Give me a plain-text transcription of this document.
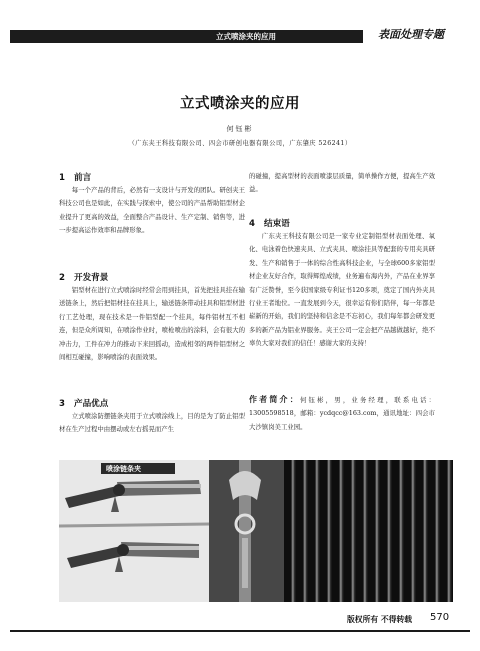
立式喷涂夹的应用	表面处理专题
立式喷涂夹的应用
何钰彬
（广东夹王科技有限公司、四会市研创电器有限公司，广东肇庆 526241）
1 前言
每一个产品的背后，必然有一支设计与开发的团队。研创夹王科技公司也是如此，在实践与探索中，使公司的产品帮助铝型材企业提升了更高的效益，全面整合产品设计、生产定制、销售等，进一步提高运作效率和品牌形象。
2 开发背景
铝型材在进行立式喷涂时经常会用到挂具，首先把挂具挂在输送链条上，然后把铝材挂在挂具上，输送链条带动挂具和铝型材进行工艺处理，现在技术是一件铝型配一个挂具，每件铝材互不相连，但是众所周知，在喷涂作业时，喷枪喷出的涂料，会有很大的冲击力，工件在冲力的推动下来回摇动，造成相邻的两件铝型材之间相互碰撞，影响喷涂的表面效果。
3 产品优点
立式喷涂防摆链条夹用于立式喷涂线上，目的是为了防止铝型材在生产过程中由摆动或左右摇晃而产生
的碰撞，提高型材的表面喷漆层质量，简单操作方便，提高生产效益。
4 结束语
广东夹王科技有限公司是一家专业定制铝型材表面处理、氧化、电泳着色快速夹具、立式夹具、喷涂挂具等配套的专用夹具研发、生产和销售于一体的综合性高科技企业，与全球600多家铝型材企业友好合作，取得辉煌成绩，业务遍布海内外，产品在业界享有广泛赞誉，至今获国家级专利证书120多项，奠定了国内外夹具行业王者地位。一直发展到今天，很幸运有你们陪伴，每一年都是崭新的开始，我们的坚持和信念是不忘初心，我们每年都会研发更多的新产品为铝业界服务。夹王公司一定会把产品越做越好，绝不辜负大家对我们的信任！感谢大家的支持！
作者简介：何钰彬，男，业务经理，联系电话：13005598518，邮箱：ycdqcc@163.com，通讯地址：四会市大沙镇岗美工业园。
喷涂链条夹
版权所有 不得转载 570
